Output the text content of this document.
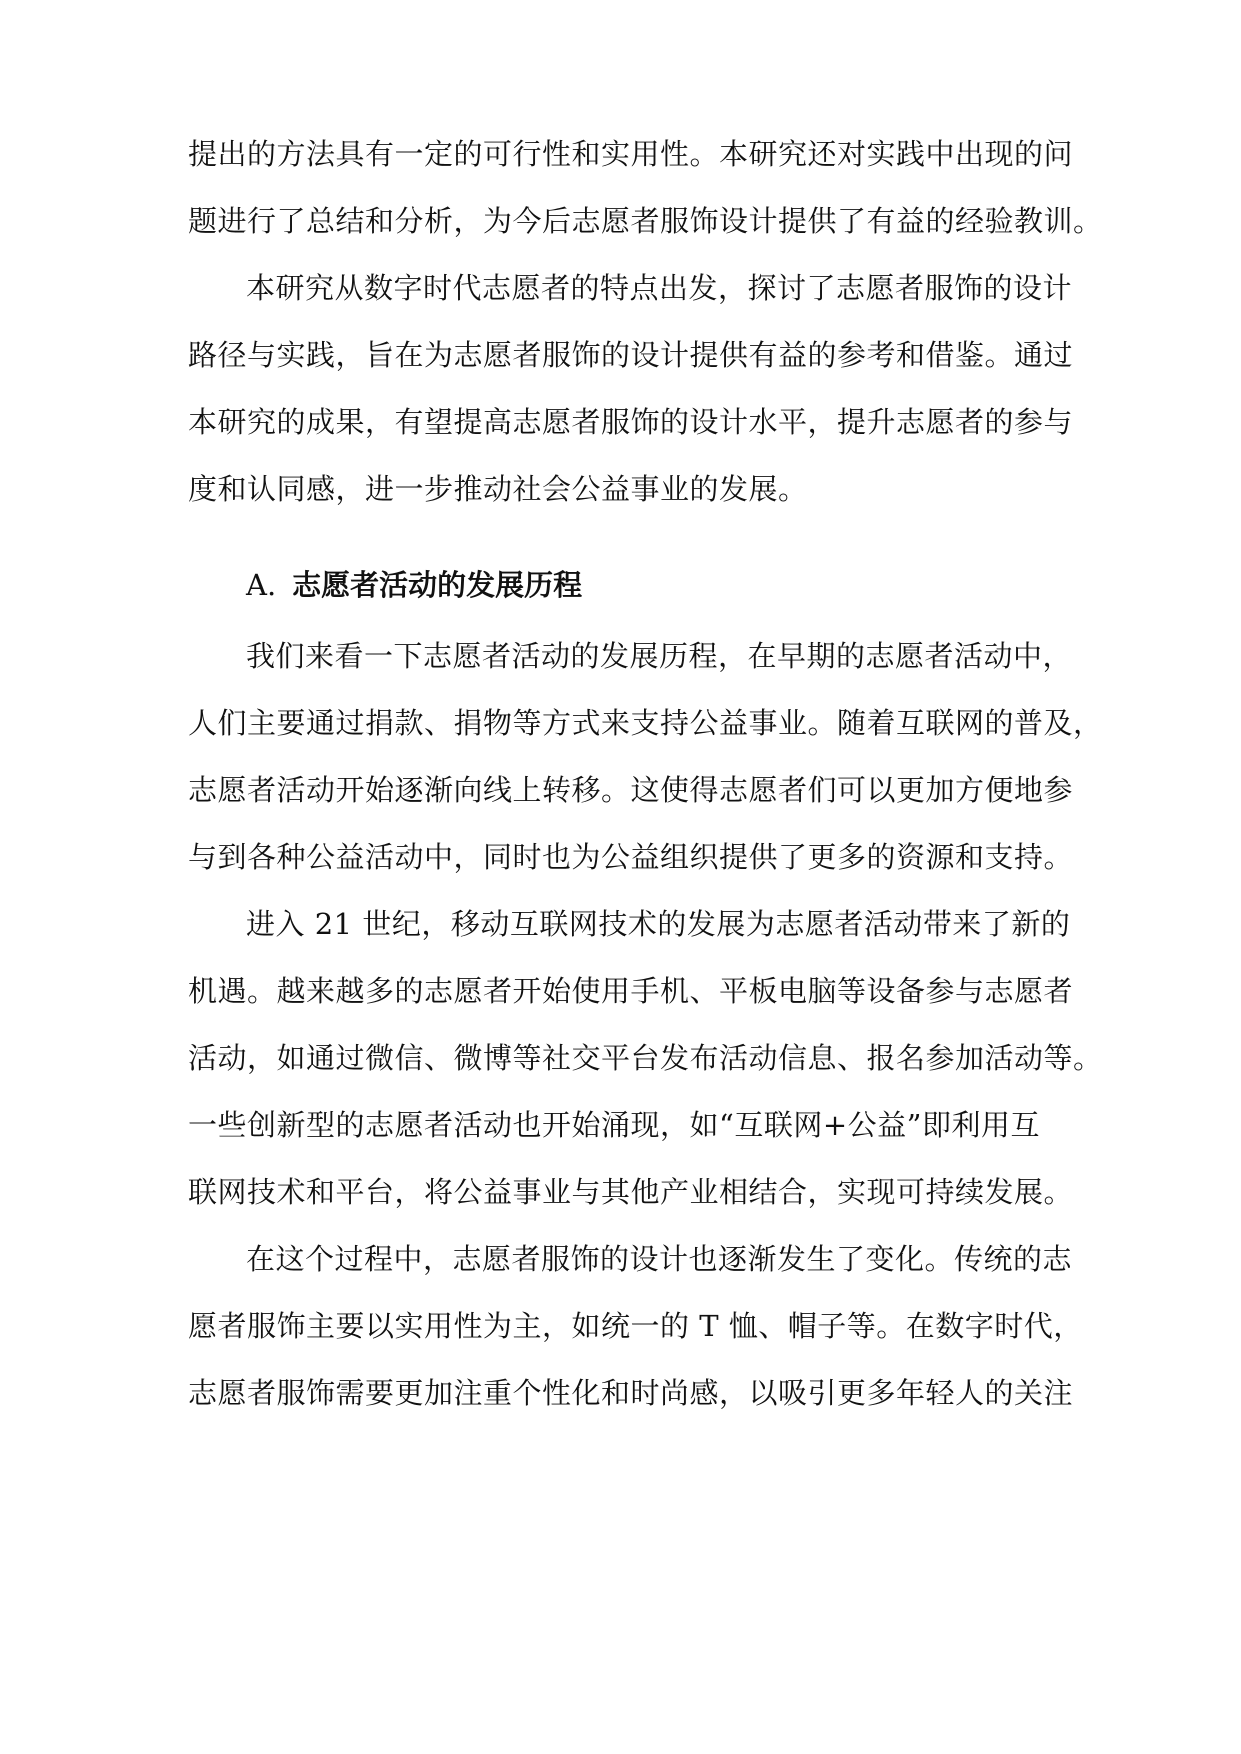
提出的方法具有一定的可行性和实用性。本研究还对实践中出现的问
题进行了总结和分析，为今后志愿者服饰设计提供了有益的经验教训。
本研究从数字时代志愿者的特点出发，探讨了志愿者服饰的设计
路径与实践，旨在为志愿者服饰的设计提供有益的参考和借鉴。通过
本研究的成果，有望提高志愿者服饰的设计水平，提升志愿者的参与
度和认同感，进一步推动社会公益事业的发展。
A. 志愿者活动的发展历程
我们来看一下志愿者活动的发展历程，在早期的志愿者活动中，
人们主要通过捐款、捐物等方式来支持公益事业。随着互联网的普及，
志愿者活动开始逐渐向线上转移。这使得志愿者们可以更加方便地参
与到各种公益活动中，同时也为公益组织提供了更多的资源和支持。
进入 21 世纪，移动互联网技术的发展为志愿者活动带来了新的
机遇。越来越多的志愿者开始使用手机、平板电脑等设备参与志愿者
活动，如通过微信、微博等社交平台发布活动信息、报名参加活动等。
一些创新型的志愿者活动也开始涌现，如“互联网+公益”即利用互
联网技术和平台，将公益事业与其他产业相结合，实现可持续发展。
在这个过程中，志愿者服饰的设计也逐渐发生了变化。传统的志
愿者服饰主要以实用性为主，如统一的 T 恤、帽子等。在数字时代，
志愿者服饰需要更加注重个性化和时尚感，以吸引更多年轻人的关注
